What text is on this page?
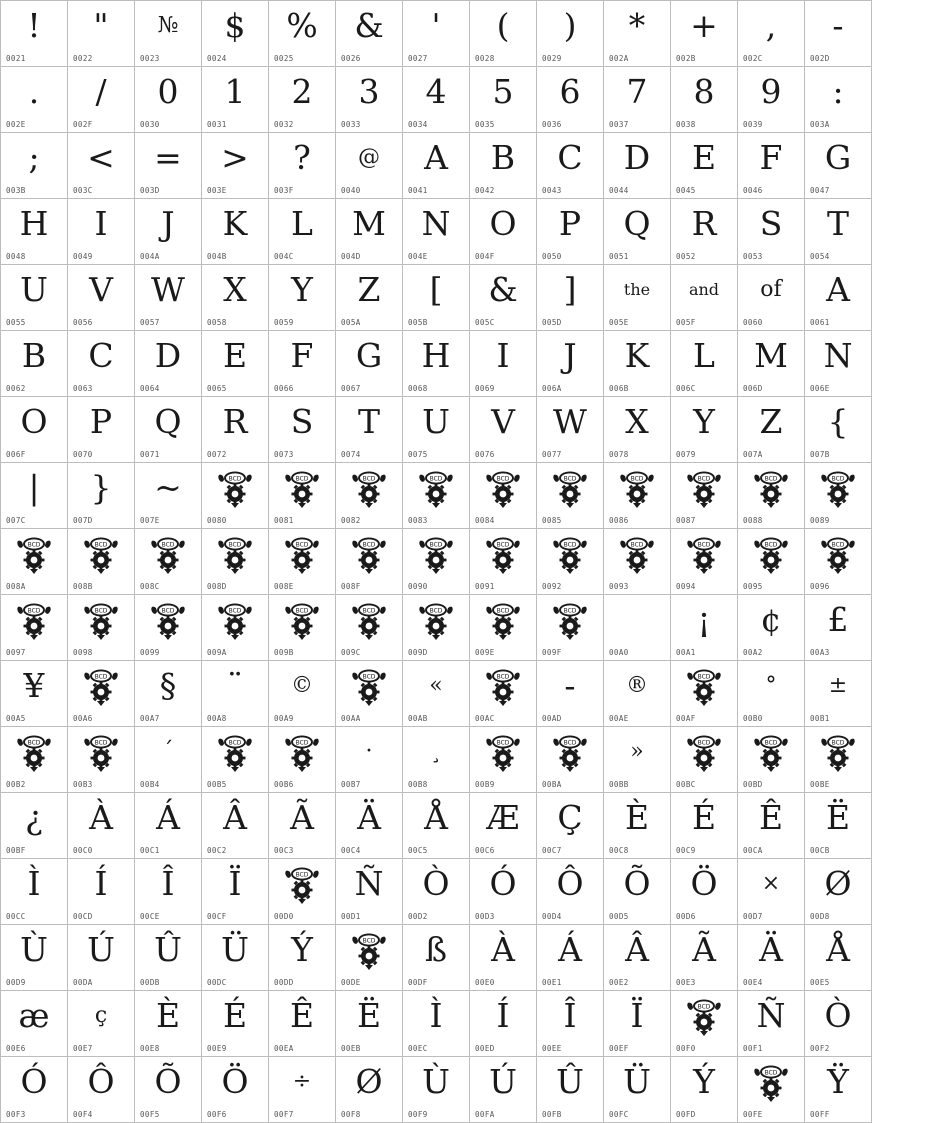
!
0021
"
0022
№
0023
$
0024
%
0025
&
0026
'
0027
(
0028
)
0029
*
002A
+
002B
,
002C
-
002D
.
002E
/
002F
0
0030
1
0031
2
0032
3
0033
4
0034
5
0035
6
0036
7
0037
8
0038
9
0039
:
003A
;
003B
<
003C
=
003D
>
003E
?
003F
@
0040
A
0041
B
0042
C
0043
D
0044
E
0045
F
0046
G
0047
H
0048
I
0049
J
004A
K
004B
L
004C
M
004D
N
004E
O
004F
P
0050
Q
0051
R
0052
S
0053
T
0054
U
0055
V
0056
W
0057
X
0058
Y
0059
Z
005A
[
005B
&
005C
]
005D
the
005E
and
005F
of
0060
A
0061
B
0062
C
0063
D
0064
E
0065
F
0066
G
0067
H
0068
I
0069
J
006A
K
006B
L
006C
M
006D
N
006E
O
006F
P
0070
Q
0071
R
0072
S
0073
T
0074
U
0075
V
0076
W
0077
X
0078
Y
0079
Z
007A
{
007B
|
007C
}
007D
~
007E
BCD
0080
BCD
0081
BCD
0082
BCD
0083
BCD
0084
BCD
0085
BCD
0086
BCD
0087
BCD
0088
BCD
0089
BCD
008A
BCD
008B
BCD
008C
BCD
008D
BCD
008E
BCD
008F
BCD
0090
BCD
0091
BCD
0092
BCD
0093
BCD
0094
BCD
0095
BCD
0096
BCD
0097
BCD
0098
BCD
0099
BCD
009A
BCD
009B
BCD
009C
BCD
009D
BCD
009E
BCD
009F	00A0
¡
00A1
¢
00A2
£
00A3
¥
00A5
BCD
00A6
§
00A7
¨
00A8
©
00A9
BCD
00AA
«
00AB
BCD
00AC
-
00AD
®
00AE
BCD
00AF
°
00B0
±
00B1
BCD
00B2
BCD
00B3
´
00B4
BCD
00B5
BCD
00B6
·
00B7
¸
00B8
BCD
00B9
BCD
00BA
»
00BB
BCD
00BC
BCD
00BD
BCD
00BE
¿
00BF
À
00C0
Á
00C1
Â
00C2
Ã
00C3
Ä
00C4
Å
00C5
Æ
00C6
Ç
00C7
È
00C8
É
00C9
Ê
00CA
Ë
00CB
Ì
00CC
Í
00CD
Î
00CE
Ï
00CF
BCD
00D0
Ñ
00D1
Ò
00D2
Ó
00D3
Ô
00D4
Õ
00D5
Ö
00D6
×
00D7
Ø
00D8
Ù
00D9
Ú
00DA
Û
00DB
Ü
00DC
Ý
00DD
BCD
00DE
ß
00DF
À
00E0
Á
00E1
Â
00E2
Ã
00E3
Ä
00E4
Å
00E5
æ
00E6
ç
00E7
È
00E8
É
00E9
Ê
00EA
Ë
00EB
Ì
00EC
Í
00ED
Î
00EE
Ï
00EF
BCD
00F0
Ñ
00F1
Ò
00F2
Ó
00F3
Ô
00F4
Õ
00F5
Ö
00F6
÷
00F7
Ø
00F8
Ù
00F9
Ú
00FA
Û
00FB
Ü
00FC
Ý
00FD
BCD
00FE
Ÿ
00FF
